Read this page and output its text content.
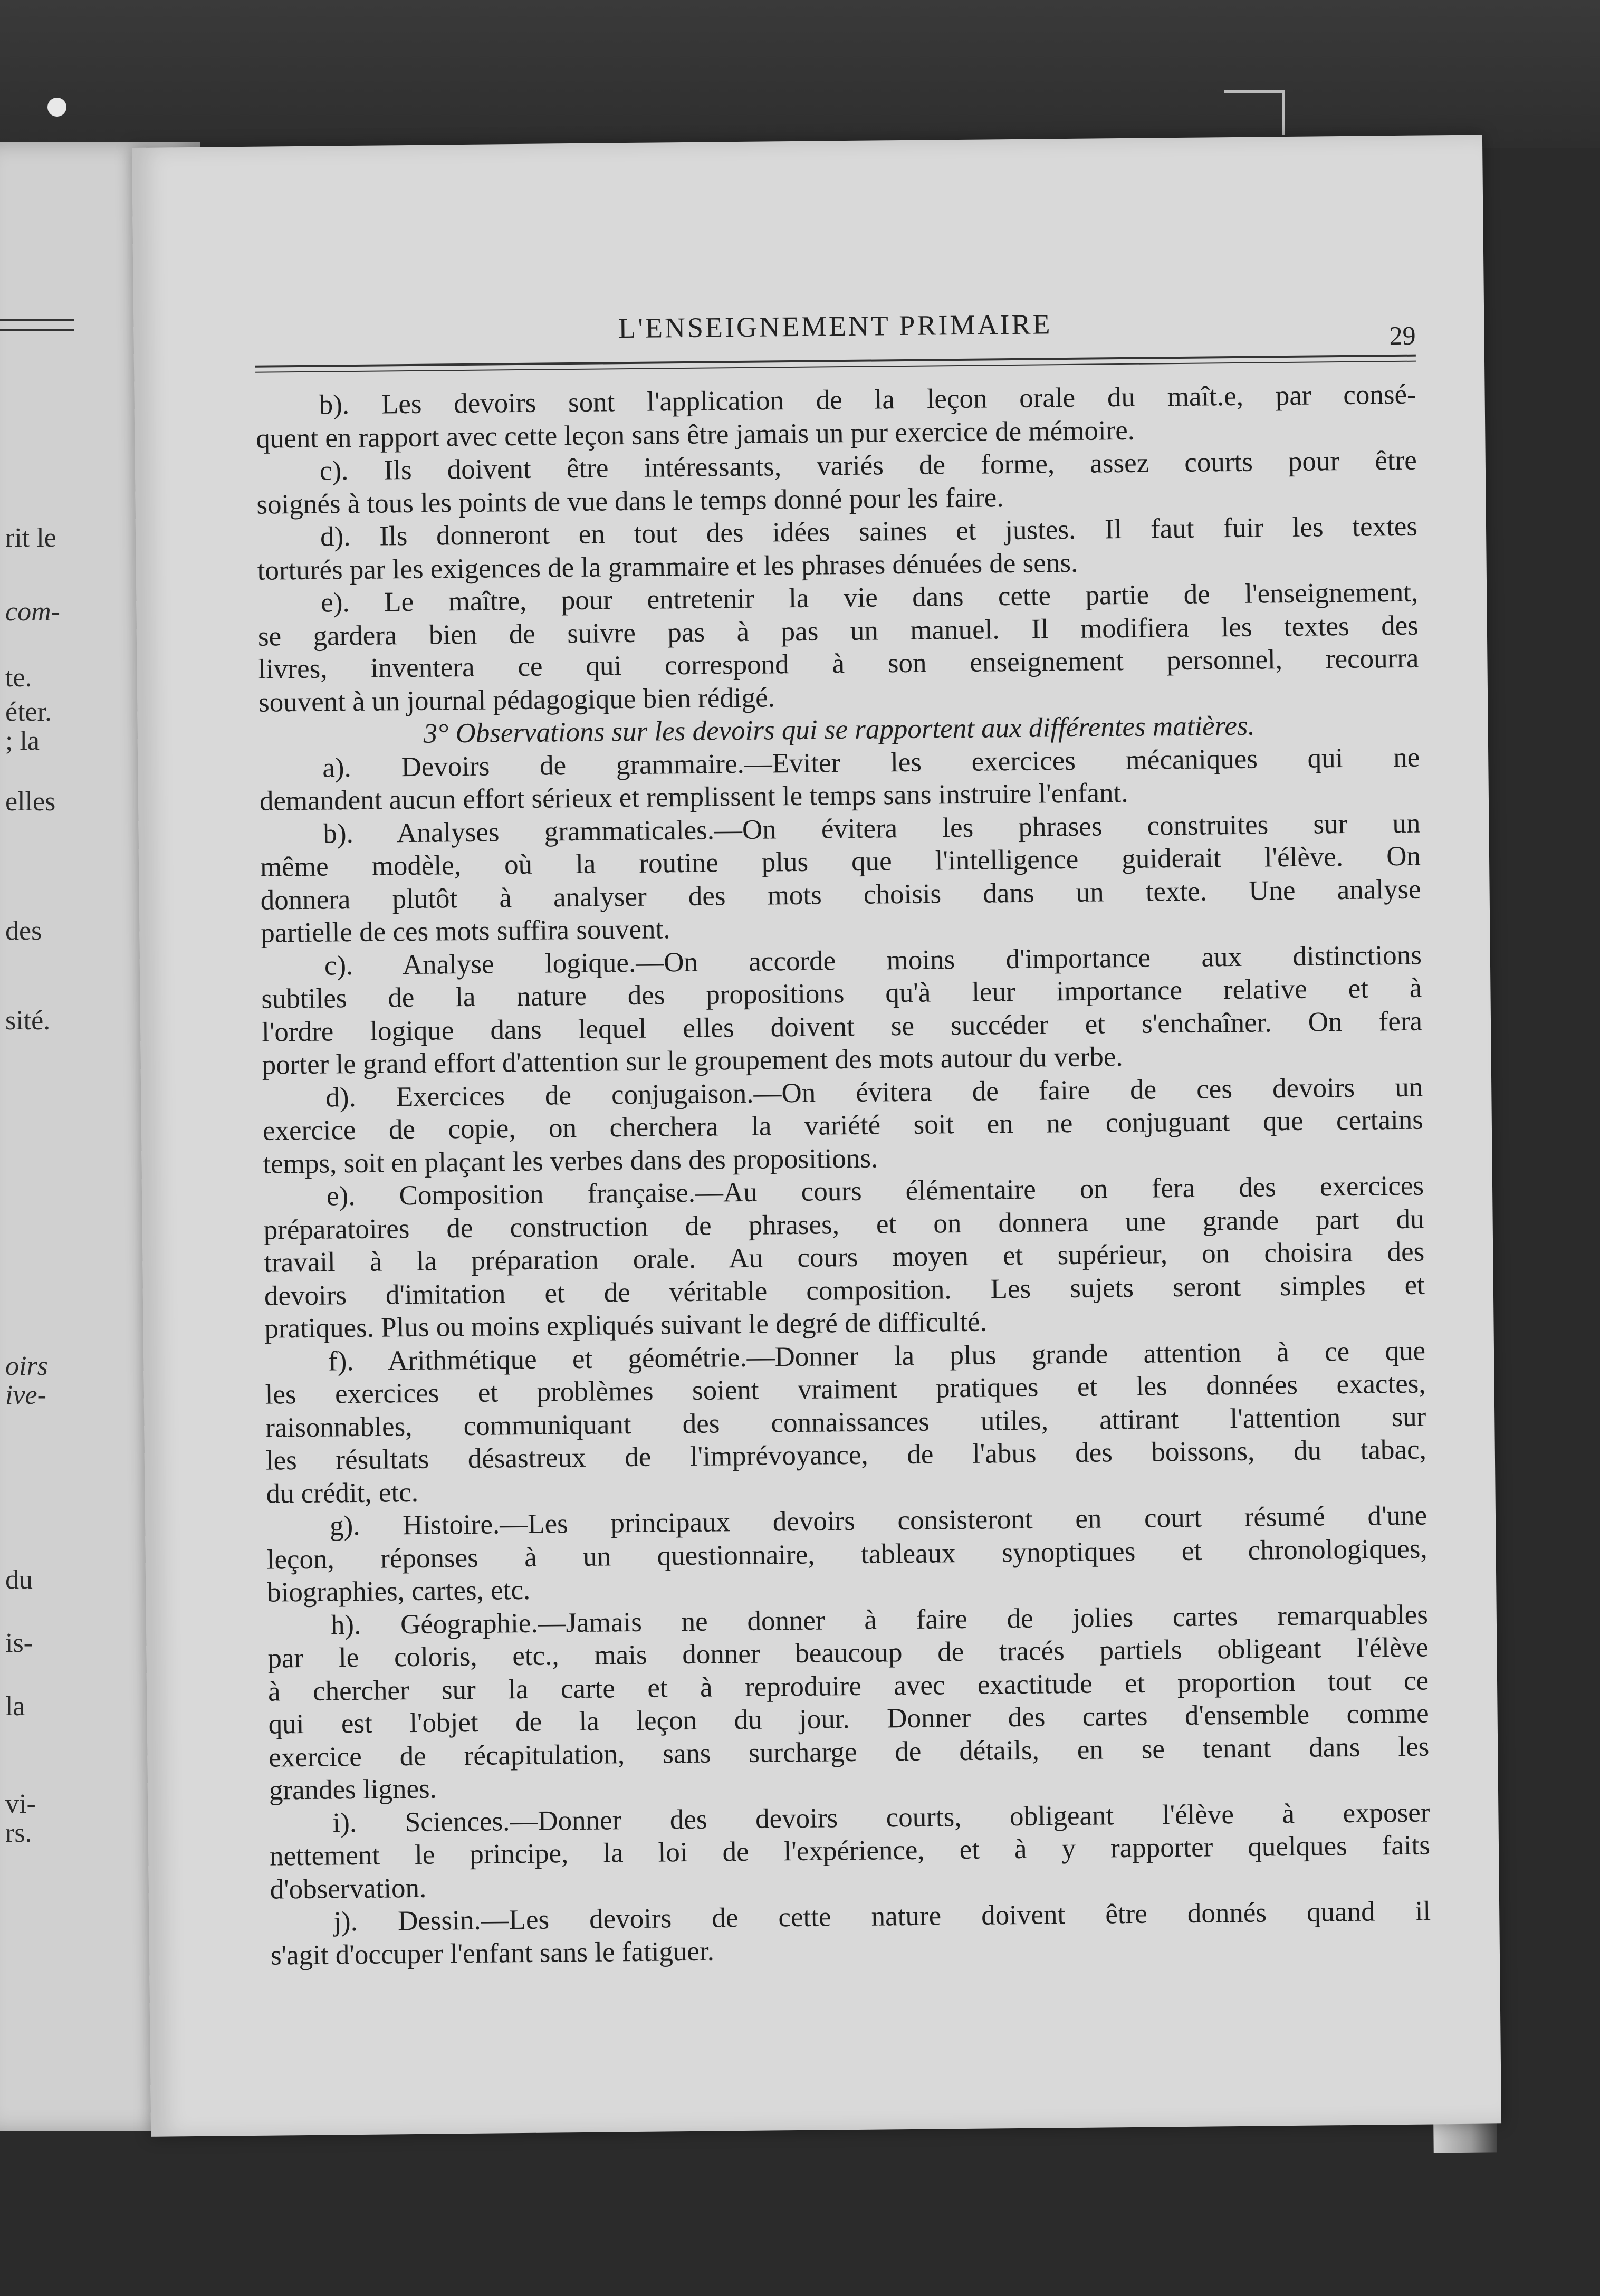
rit le
com-
te.
éter.
; la
elles
des
sité.
oirs
ive-
du
is-
la
vi-
rs.
L'ENSEIGNEMENT PRIMAIRE	29
b). Les devoirs sont l'application de la leçon orale du maît.e, par consé-
quent en rapport avec cette leçon sans être jamais un pur exercice de mémoire.
c). Ils doivent être intéressants, variés de forme, assez courts pour être
soignés à tous les points de vue dans le temps donné pour les faire.
d). Ils donneront en tout des idées saines et justes. Il faut fuir les textes
torturés par les exigences de la grammaire et les phrases dénuées de sens.
e). Le maître, pour entretenir la vie dans cette partie de l'enseignement,
se gardera bien de suivre pas à pas un manuel. Il modifiera les textes des
livres, inventera ce qui correspond à son enseignement personnel, recourra
souvent à un journal pédagogique bien rédigé.
3° Observations sur les devoirs qui se rapportent aux différentes matières.
a). Devoirs de grammaire.—Eviter les exercices mécaniques qui ne
demandent aucun effort sérieux et remplissent le temps sans instruire l'enfant.
b). Analyses grammaticales.—On évitera les phrases construites sur un
même modèle, où la routine plus que l'intelligence guiderait l'élève. On
donnera plutôt à analyser des mots choisis dans un texte. Une analyse
partielle de ces mots suffira souvent.
c). Analyse logique.—On accorde moins d'importance aux distinctions
subtiles de la nature des propositions qu'à leur importance relative et à
l'ordre logique dans lequel elles doivent se succéder et s'enchaîner. On fera
porter le grand effort d'attention sur le groupement des mots autour du verbe.
d). Exercices de conjugaison.—On évitera de faire de ces devoirs un
exercice de copie, on cherchera la variété soit en ne conjuguant que certains
temps, soit en plaçant les verbes dans des propositions.
e). Composition française.—Au cours élémentaire on fera des exercices
préparatoires de construction de phrases, et on donnera une grande part du
travail à la préparation orale. Au cours moyen et supérieur, on choisira des
devoirs d'imitation et de véritable composition. Les sujets seront simples et
pratiques. Plus ou moins expliqués suivant le degré de difficulté.
f). Arithmétique et géométrie.—Donner la plus grande attention à ce que
les exercices et problèmes soient vraiment pratiques et les données exactes,
raisonnables, communiquant des connaissances utiles, attirant l'attention sur
les résultats désastreux de l'imprévoyance, de l'abus des boissons, du tabac,
du crédit, etc.
g). Histoire.—Les principaux devoirs consisteront en court résumé d'une
leçon, réponses à un questionnaire, tableaux synoptiques et chronologiques,
biographies, cartes, etc.
h). Géographie.—Jamais ne donner à faire de jolies cartes remarquables
par le coloris, etc., mais donner beaucoup de tracés partiels obligeant l'élève
à chercher sur la carte et à reproduire avec exactitude et proportion tout ce
qui est l'objet de la leçon du jour. Donner des cartes d'ensemble comme
exercice de récapitulation, sans surcharge de détails, en se tenant dans les
grandes lignes.
i). Sciences.—Donner des devoirs courts, obligeant l'élève à exposer
nettement le principe, la loi de l'expérience, et à y rapporter quelques faits
d'observation.
j). Dessin.—Les devoirs de cette nature doivent être donnés quand il
s'agit d'occuper l'enfant sans le fatiguer.
